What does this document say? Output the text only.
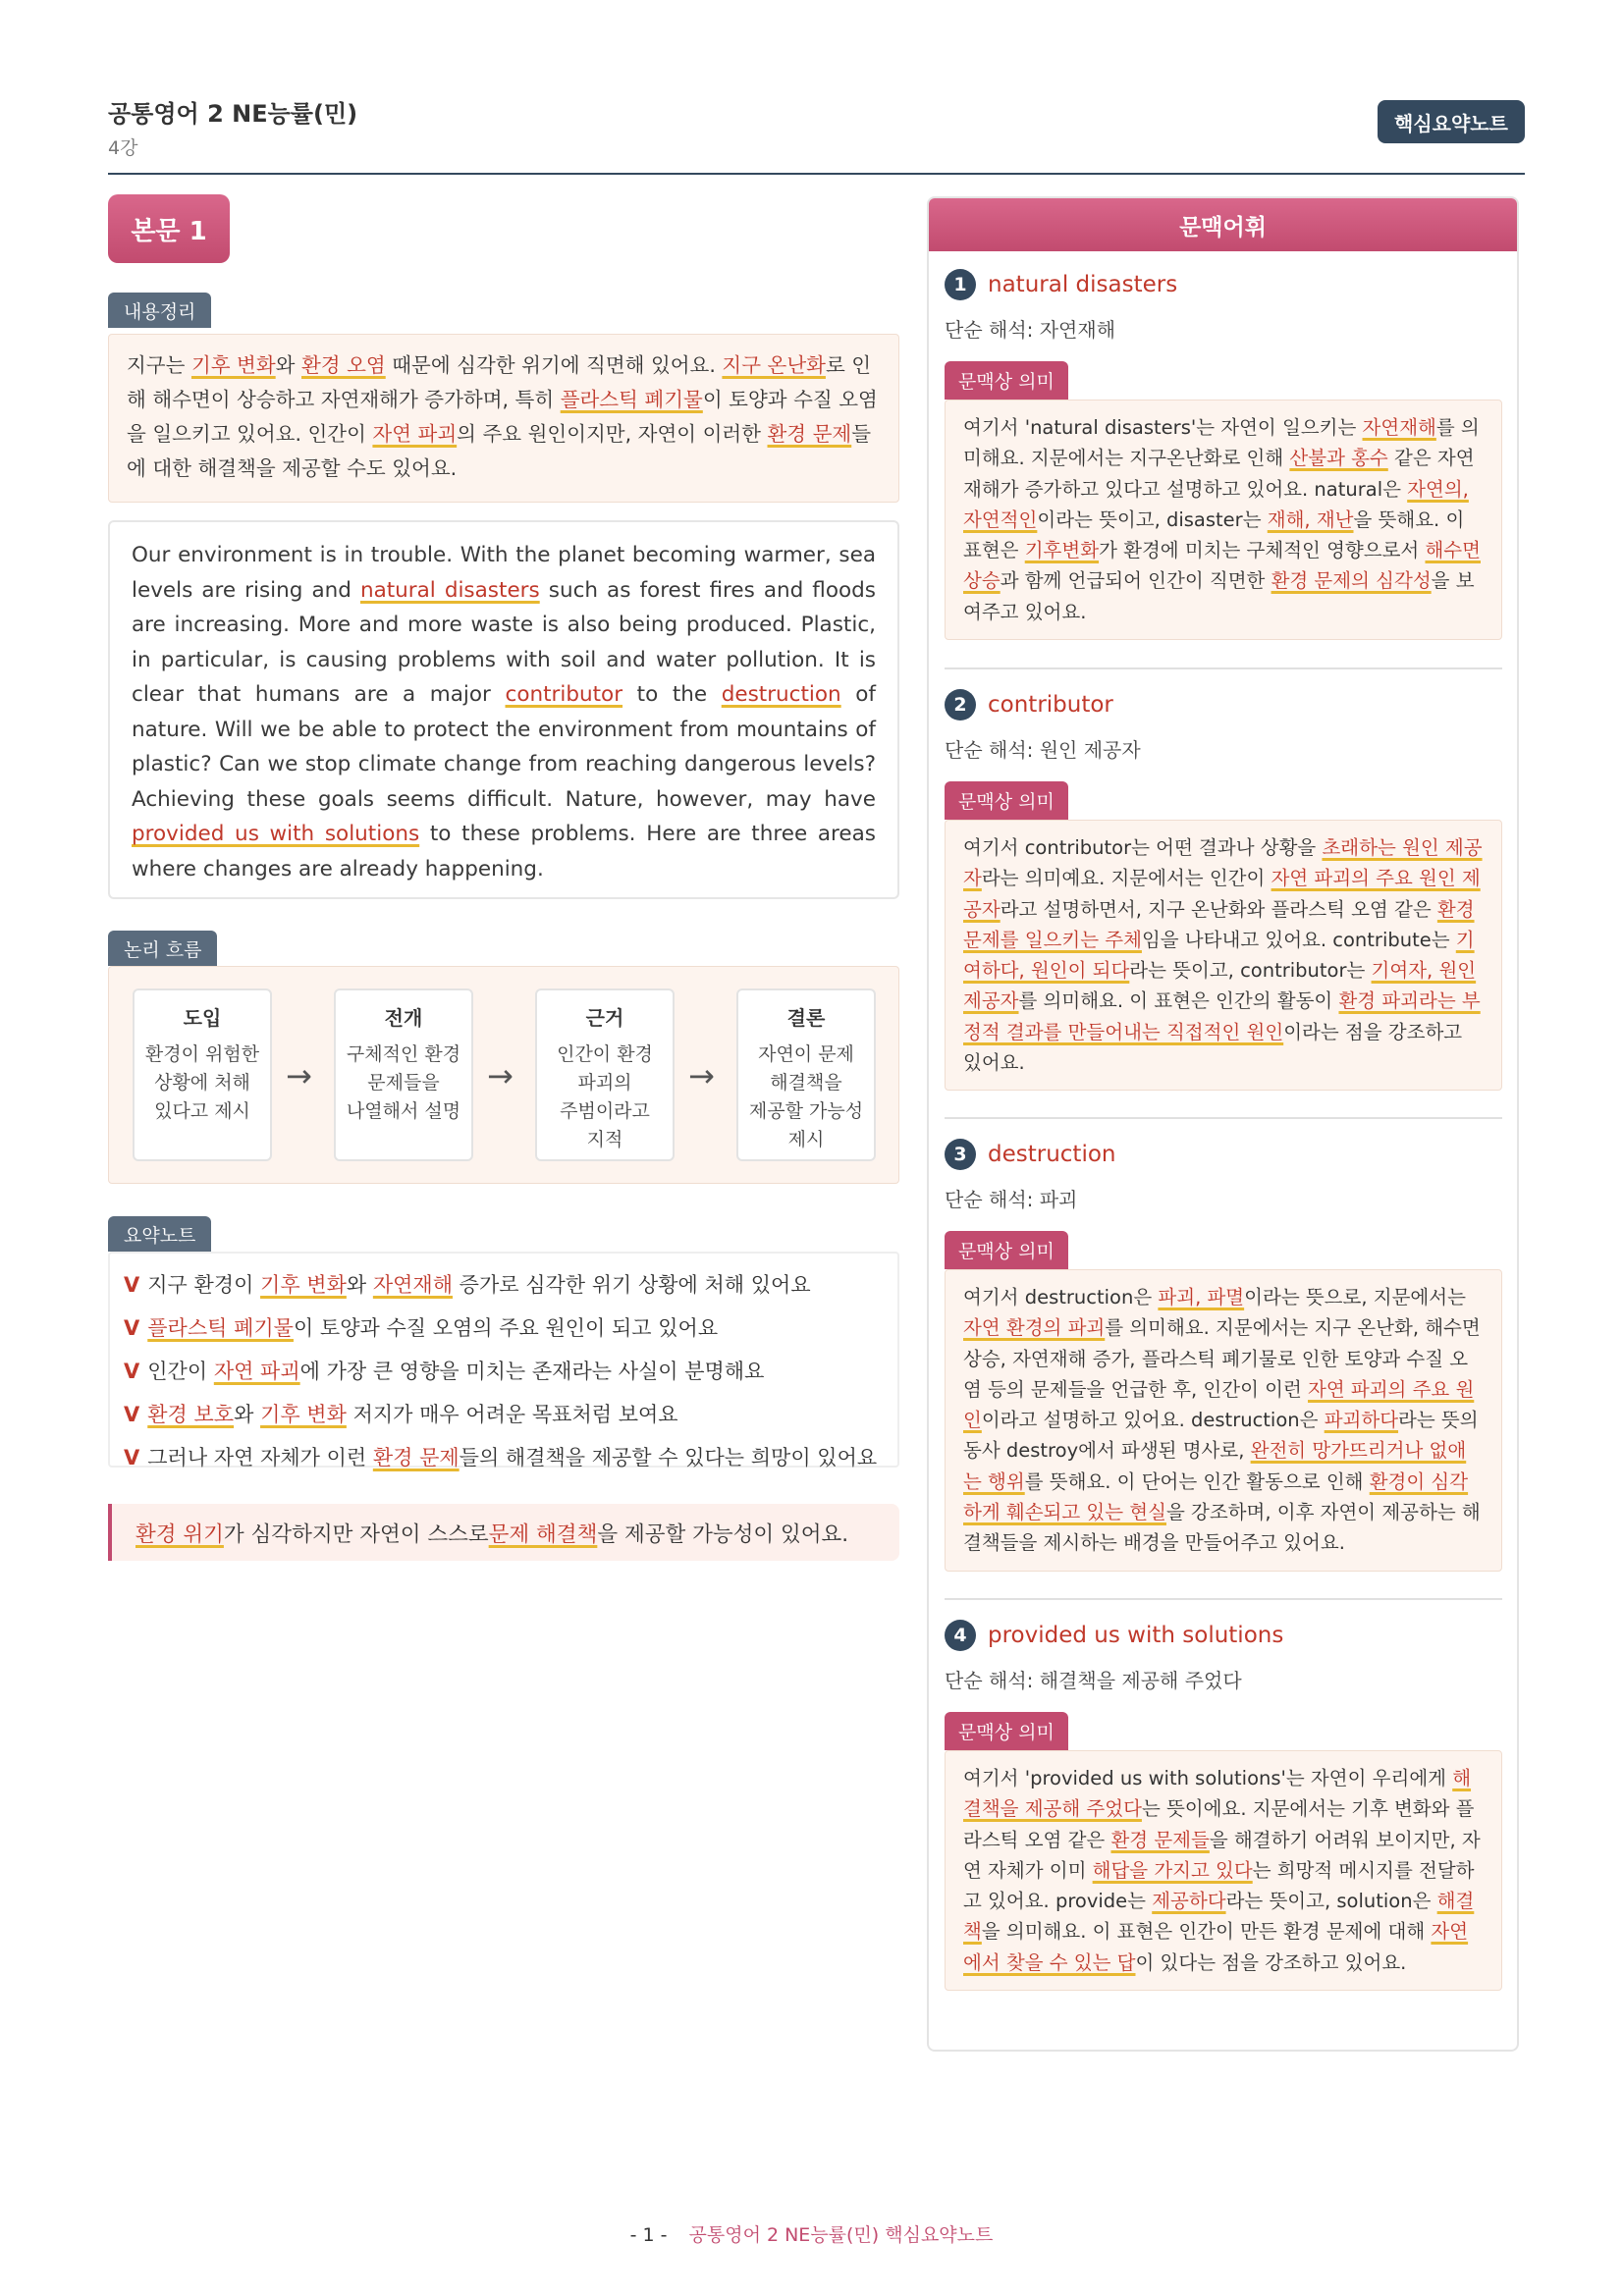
공통영어 2 NE능률(민)
4강
핵심요약노트
본문 1
내용정리
지구는 기후 변화와 환경 오염 때문에 심각한 위기에 직면해 있어요. 지구 온난화로 인해 해수면이 상승하고 자연재해가 증가하며, 특히 플라스틱 폐기물이 토양과 수질 오염을 일으키고 있어요. 인간이 자연 파괴의 주요 원인이지만, 자연이 이러한 환경 문제들에 대한 해결책을 제공할 수도 있어요.
Our environment is in trouble. With the planet becoming warmer, sea levels are rising and natural disasters such as forest fires and floods are increasing. More and more waste is also being produced. Plastic, in particular, is causing problems with soil and water pollution. It is clear that humans are a major contributor to the destruction of nature. Will we be able to protect the environment from mountains of plastic? Can we stop climate change from reaching dangerous levels? Achieving these goals seems difficult. Nature, however, may have provided us with solutions to these problems. Here are three areas where changes are already happening.
논리 흐름
도입
환경이 위험한
상황에 처해
있다고 제시
→
전개
구체적인 환경
문제들을
나열해서 설명
→
근거
인간이 환경
파괴의
주범이라고
지적
→
결론
자연이 문제
해결책을
제공할 가능성
제시
요약노트
V 지구 환경이 기후 변화와 자연재해 증가로 심각한 위기 상황에 처해 있어요
V 플라스틱 폐기물이 토양과 수질 오염의 주요 원인이 되고 있어요
V 인간이 자연 파괴에 가장 큰 영향을 미치는 존재라는 사실이 분명해요
V 환경 보호와 기후 변화 저지가 매우 어려운 목표처럼 보여요
V 그러나 자연 자체가 이런 환경 문제들의 해결책을 제공할 수 있다는 희망이 있어요
환경 위기 가 심각하지만 자연이 스스로 문제 해결책 을 제공할 가능성이 있어요.
문맥어휘
1 natural disasters
단순 해석: 자연재해
문맥상 의미
여기서 'natural disasters'는 자연이 일으키는 자연재해를 의미해요. 지문에서는 지구온난화로 인해 산불과 홍수 같은 자연재해가 증가하고 있다고 설명하고 있어요. natural은 자연의, 자연적인이라는 뜻이고, disaster는 재해, 재난을 뜻해요. 이 표현은 기후변화가 환경에 미치는 구체적인 영향으로서 해수면 상승과 함께 언급되어 인간이 직면한 환경 문제의 심각성을 보여주고 있어요.
2 contributor
단순 해석: 원인 제공자
문맥상 의미
여기서 contributor는 어떤 결과나 상황을 초래하는 원인 제공자라는 의미예요. 지문에서는 인간이 자연 파괴의 주요 원인 제공자라고 설명하면서, 지구 온난화와 플라스틱 오염 같은 환경 문제를 일으키는 주체임을 나타내고 있어요. contribute는 기여하다, 원인이 되다라는 뜻이고, contributor는 기여자, 원인 제공자를 의미해요. 이 표현은 인간의 활동이 환경 파괴라는 부정적 결과를 만들어내는 직접적인 원인이라는 점을 강조하고 있어요.
3 destruction
단순 해석: 파괴
문맥상 의미
여기서 destruction은 파괴, 파멸이라는 뜻으로, 지문에서는 자연 환경의 파괴를 의미해요. 지문에서는 지구 온난화, 해수면 상승, 자연재해 증가, 플라스틱 폐기물로 인한 토양과 수질 오염 등의 문제들을 언급한 후, 인간이 이런 자연 파괴의 주요 원인이라고 설명하고 있어요. destruction은 파괴하다라는 뜻의 동사 destroy에서 파생된 명사로, 완전히 망가뜨리거나 없애는 행위를 뜻해요. 이 단어는 인간 활동으로 인해 환경이 심각하게 훼손되고 있는 현실을 강조하며, 이후 자연이 제공하는 해결책들을 제시하는 배경을 만들어주고 있어요.
4 provided us with solutions
단순 해석: 해결책을 제공해 주었다
문맥상 의미
여기서 'provided us with solutions'는 자연이 우리에게 해결책을 제공해 주었다는 뜻이에요. 지문에서는 기후 변화와 플라스틱 오염 같은 환경 문제들을 해결하기 어려워 보이지만, 자연 자체가 이미 해답을 가지고 있다는 희망적 메시지를 전달하고 있어요. provide는 제공하다라는 뜻이고, solution은 해결책을 의미해요. 이 표현은 인간이 만든 환경 문제에 대해 자연에서 찾을 수 있는 답이 있다는 점을 강조하고 있어요.
- 1 - 공통영어 2 NE능률(민) 핵심요약노트
